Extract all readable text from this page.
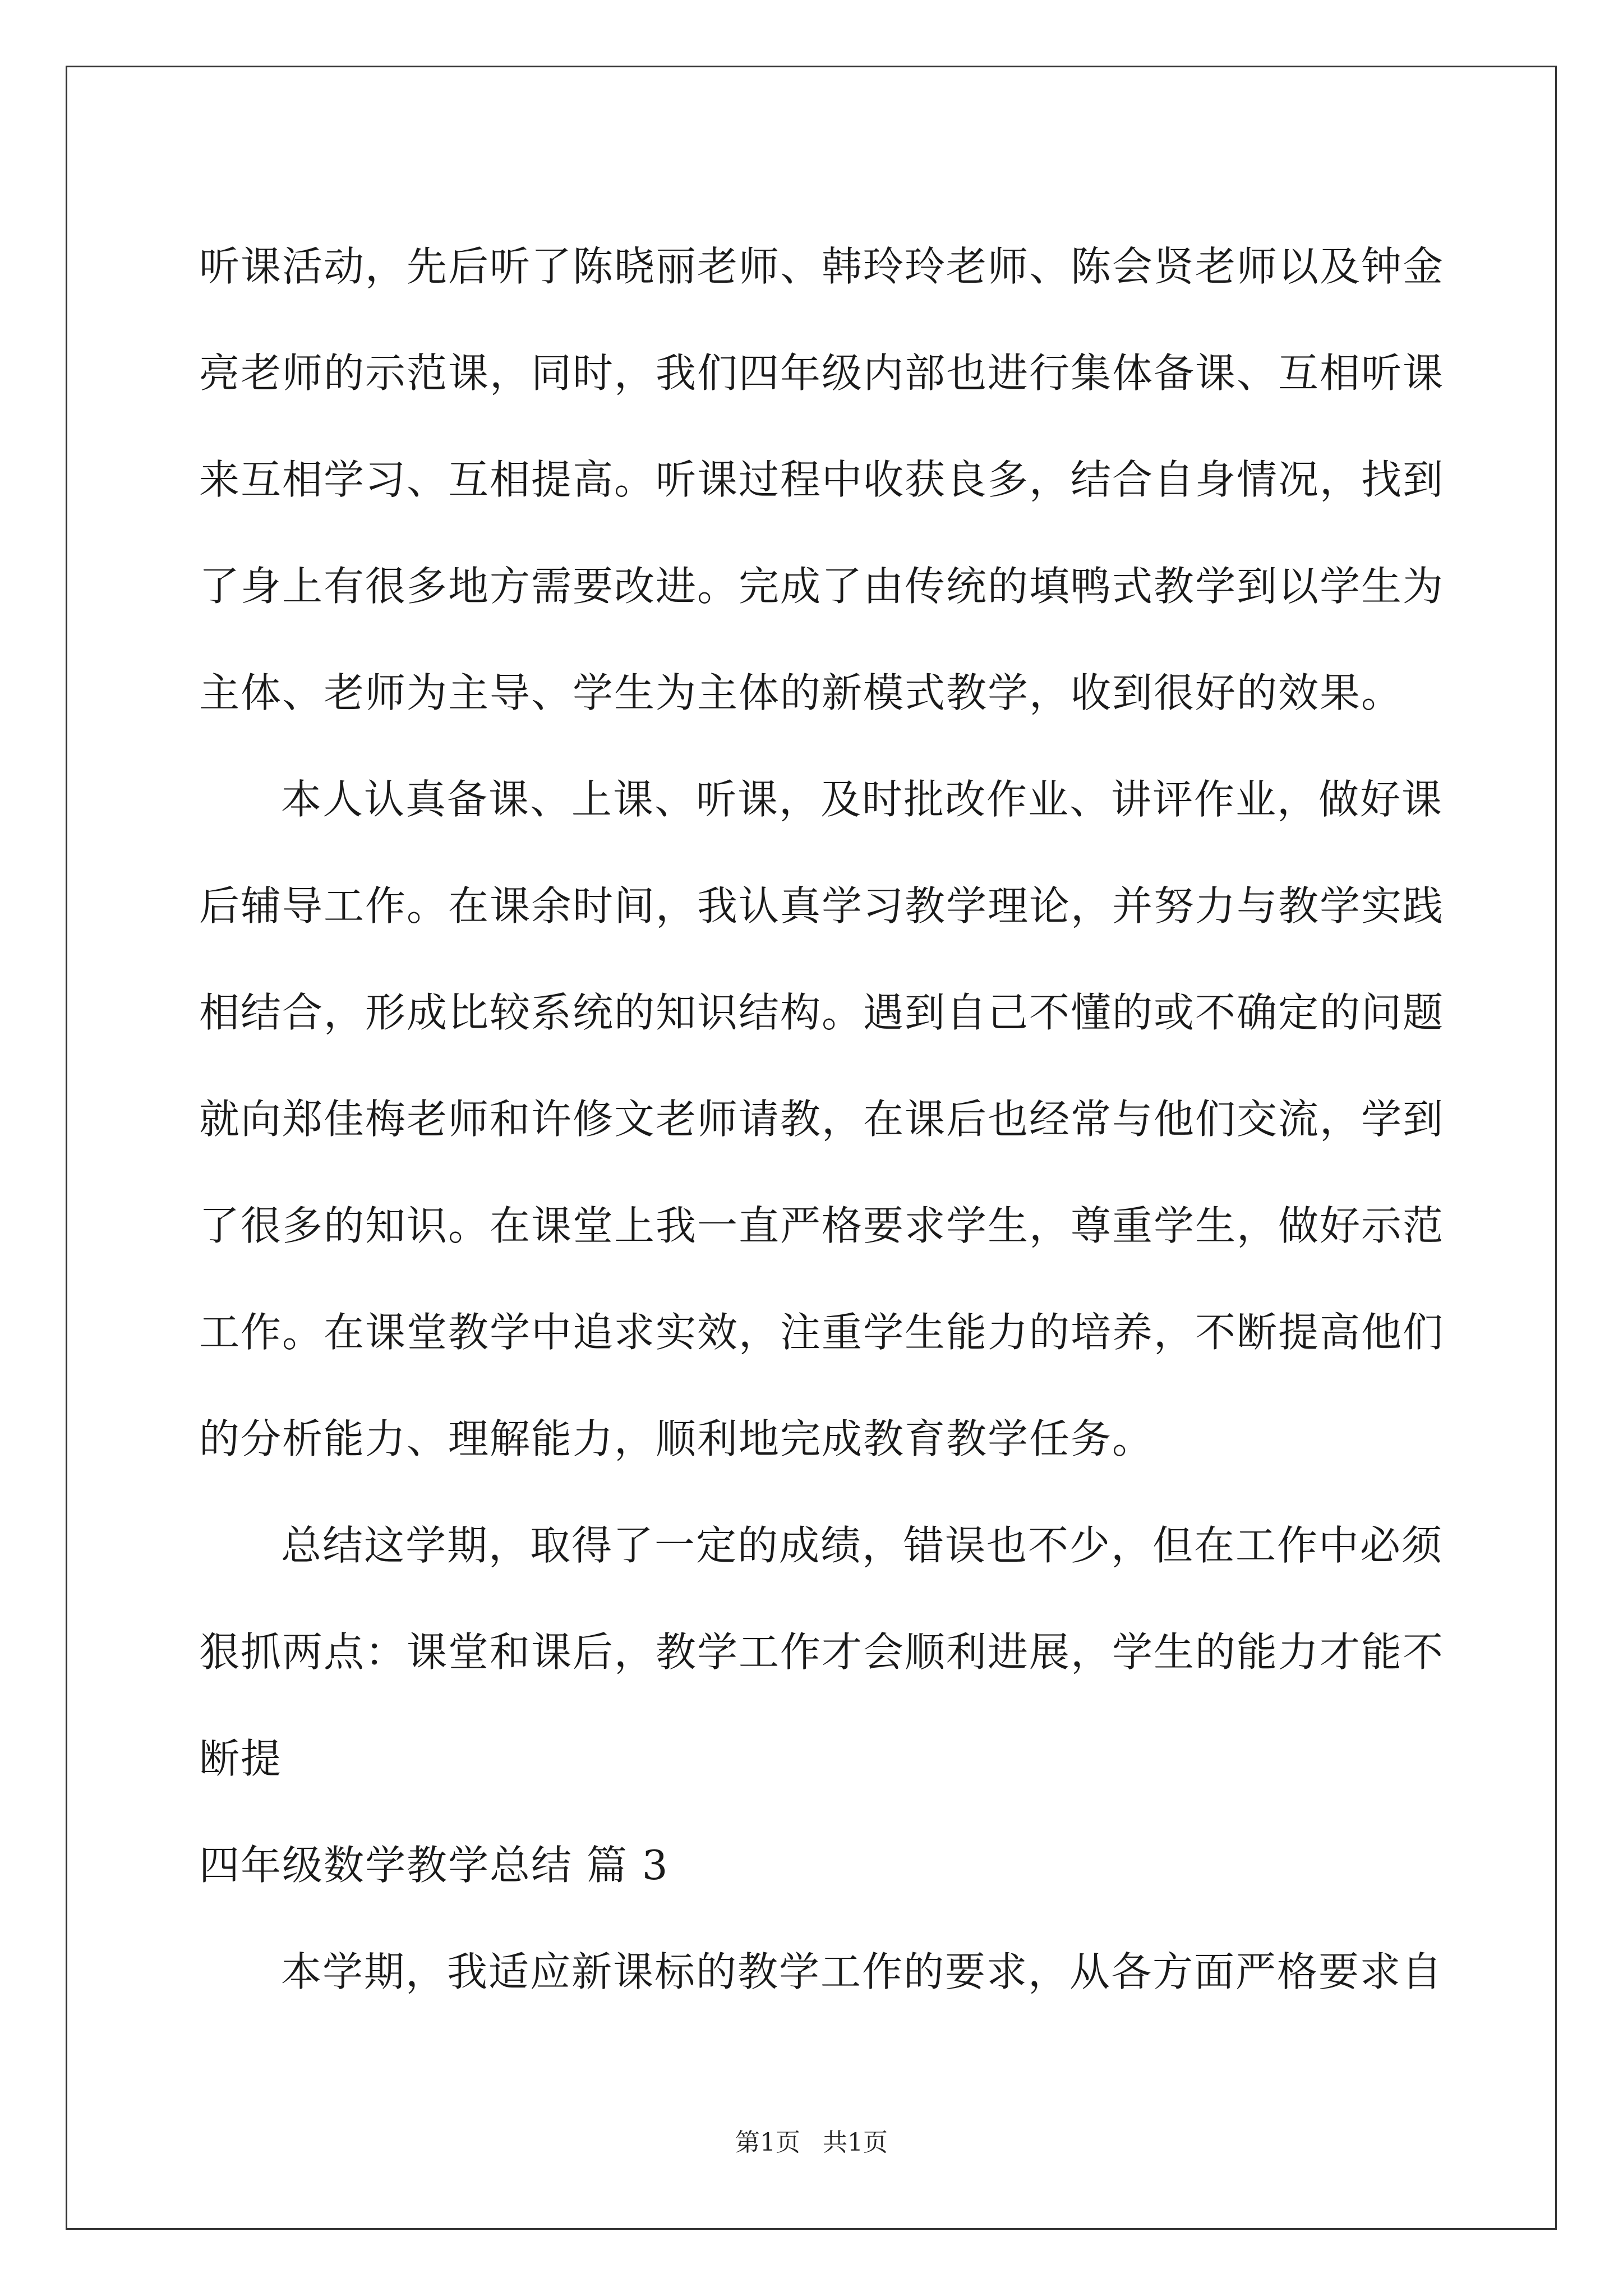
听课活动，先后听了陈晓丽老师、韩玲玲老师、陈会贤老师以及钟金
亮老师的示范课，同时，我们四年级内部也进行集体备课、互相听课
来互相学习、互相提高。听课过程中收获良多，结合自身情况，找到
了身上有很多地方需要改进。完成了由传统的填鸭式教学到以学生为
主体、老师为主导、学生为主体的新模式教学，收到很好的效果。
本人认真备课、上课、听课，及时批改作业、讲评作业，做好课
后辅导工作。在课余时间，我认真学习教学理论，并努力与教学实践
相结合，形成比较系统的知识结构。遇到自己不懂的或不确定的问题
就向郑佳梅老师和许修文老师请教，在课后也经常与他们交流，学到
了很多的知识。在课堂上我一直严格要求学生，尊重学生，做好示范
工作。在课堂教学中追求实效，注重学生能力的培养，不断提高他们
的分析能力、理解能力，顺利地完成教育教学任务。
总结这学期，取得了一定的成绩，错误也不少，但在工作中必须
狠抓两点：课堂和课后，教学工作才会顺利进展，学生的能力才能不
断提
四年级数学教学总结 篇 3
本学期，我适应新课标的教学工作的要求，从各方面严格要求自
第1页 共1页
